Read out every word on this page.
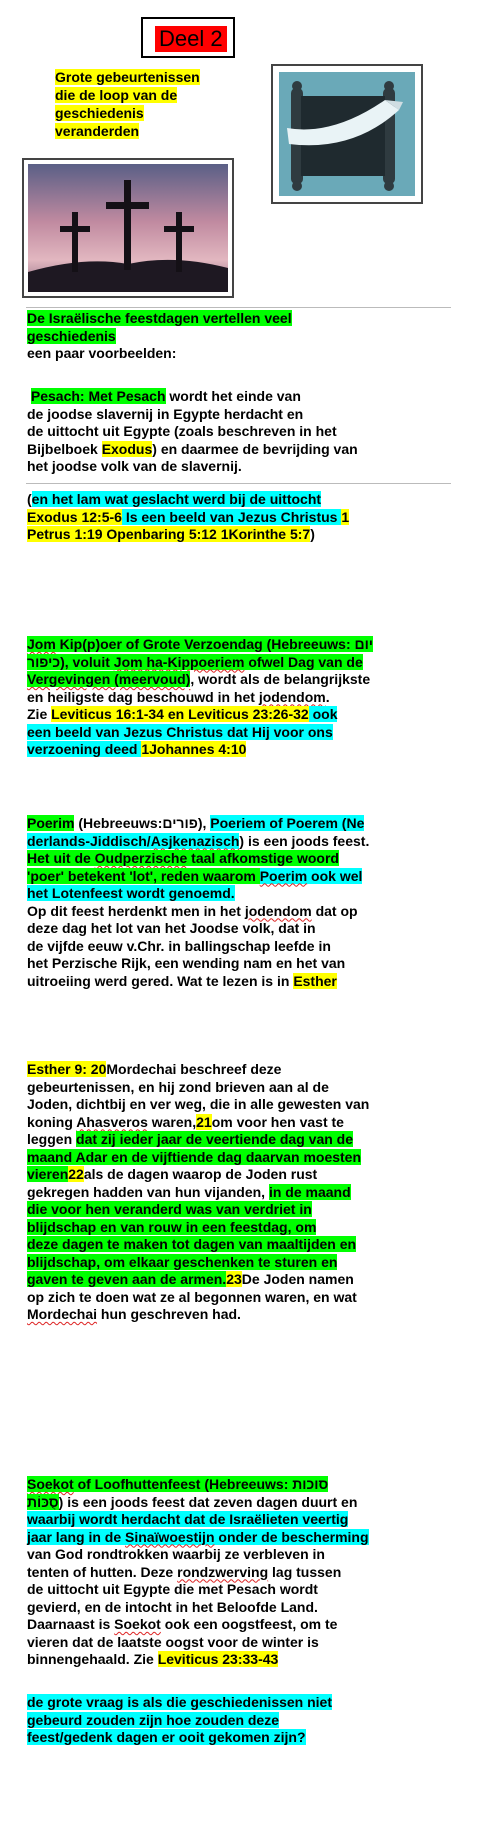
Deel 2
Grote gebeurtenissen
die de loop van de
geschiedenis
veranderden

De Israëlische feestdagen vertellen veel

geschiedenis

een paar voorbeelden:

Pesach: Met Pesach wordt het einde van

de joodse slavernij in Egypte herdacht en

de uittocht uit Egypte (zoals beschreven in het

Bijbelboek Exodus) en daarmee de bevrijding van

het joodse volk van de slavernij.

(en het lam wat geslacht werd bij de uittocht

Exodus 12:5-6 Is een beeld van Jezus Christus 1

Petrus 1:19 Openbaring 5:12 1Korinthe 5:7)

Jom Kip(p)oer of Grote Verzoendag (Hebreeuws: יום

כיפור), voluit Jom ha-Kippoeriem ofwel Dag van de

Vergevingen (meervoud), wordt als de belangrijkste

en heiligste dag beschouwd in het jodendom.

Zie Leviticus 16:1-34 en Leviticus 23:26-32 ook

een beeld van Jezus Christus dat Hij voor ons

verzoening deed 1Johannes 4:10

Poerim (Hebreeuws:פורים), Poeriem of Poerem (Ne

derlands-Jiddisch/Asjkenazisch) is een joods feest.

Het uit de Oudperzische taal afkomstige woord

'poer' betekent 'lot', reden waarom Poerim ook wel

het Lotenfeest wordt genoemd.

Op dit feest herdenkt men in het jodendom dat op

deze dag het lot van het Joodse volk, dat in

de vijfde eeuw v.Chr. in ballingschap leefde in

het Perzische Rijk, een wending nam en het van

uitroeiing werd gered. Wat te lezen is in Esther

Esther 9: 20Mordechai beschreef deze

gebeurtenissen, en hij zond brieven aan al de

Joden, dichtbij en ver weg, die in alle gewesten van

koning Ahasveros waren,21om voor hen vast te

leggen dat zij ieder jaar de veertiende dag van de

maand Adar en de vijftiende dag daarvan moesten

vieren22als de dagen waarop de Joden rust

gekregen hadden van hun vijanden, in de maand

die voor hen veranderd was van verdriet in

blijdschap en van rouw in een feestdag, om

deze dagen te maken tot dagen van maaltijden en

blijdschap, om elkaar geschenken te sturen en

gaven te geven aan de armen.23De Joden namen

op zich te doen wat ze al begonnen waren, en wat

Mordechai hun geschreven had.

Soekot of Loofhuttenfeest (Hebreeuws: סוכות

סֻכּוֹת) is een joods feest dat zeven dagen duurt en

waarbij wordt herdacht dat de Israëlieten veertig

jaar lang in de Sinaïwoestijn onder de bescherming

van God rondtrokken waarbij ze verbleven in

tenten of hutten. Deze rondzwerving lag tussen

de uittocht uit Egypte die met Pesach wordt

gevierd, en de intocht in het Beloofde Land.

Daarnaast is Soekot ook een oogstfeest, om te

vieren dat de laatste oogst voor de winter is

binnengehaald. Zie Leviticus 23:33-43

de grote vraag is als die geschiedenissen niet

gebeurd zouden zijn hoe zouden deze

feest/gedenk dagen er ooit gekomen zijn?
